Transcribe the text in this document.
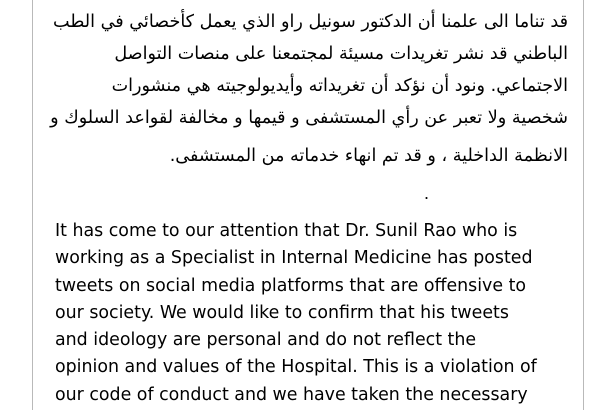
قد تناما الى علمنا أن الدكتور سونيل راو الذي يعمل كأخصائي في الطب
الباطني قد نشر تغريدات مسيئة لمجتمعنا على منصات التواصل
الاجتماعي. ونود أن نؤكد أن تغريداته وأيديولوجيته هي منشورات
شخصية ولا تعبر عن رأي المستشفى و قيمها و مخالفة لقواعد السلوك و
الانظمة الداخلية ، و قد تم انهاء خدماته من المستشفى.
.
It has come to our attention that Dr. Sunil Rao who is
working as a Specialist in Internal Medicine has posted
tweets on social media platforms that are offensive to
our society. We would like to confirm that his tweets
and ideology are personal and do not reflect the
opinion and values of the Hospital. This is a violation of
our code of conduct and we have taken the necessary
